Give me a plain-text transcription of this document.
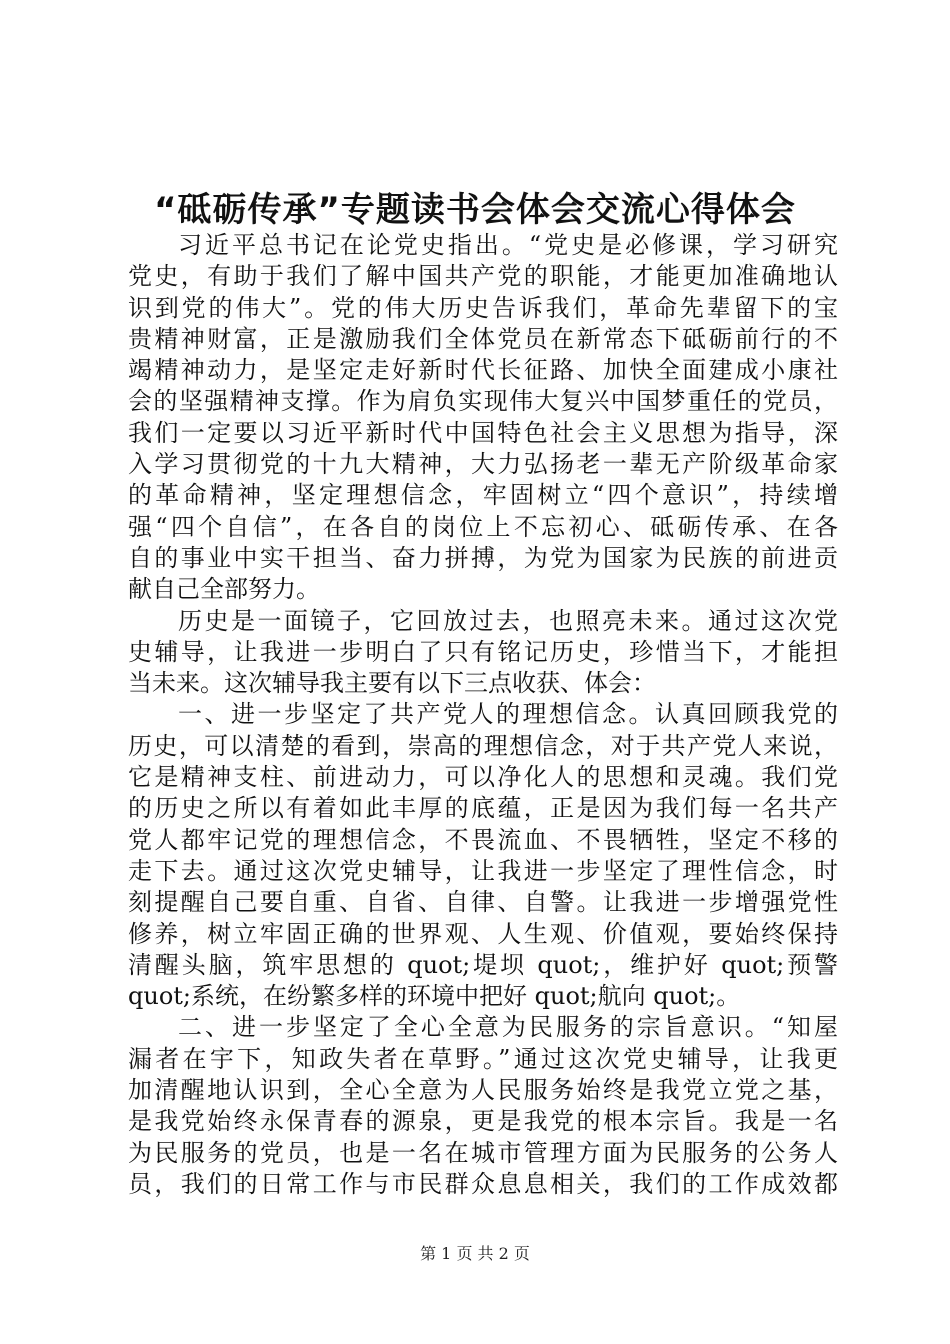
“砥砺传承”专题读书会体会交流心得体会

习近平总书记在论党史指出。“党史是必修课，学习研究
党史，有助于我们了解中国共产党的职能，才能更加准确地认
识到党的伟大”。党的伟大历史告诉我们，革命先辈留下的宝
贵精神财富，正是激励我们全体党员在新常态下砥砺前行的不
竭精神动力，是坚定走好新时代长征路、加快全面建成小康社
会的坚强精神支撑。作为肩负实现伟大复兴中国梦重任的党员，
我们一定要以习近平新时代中国特色社会主义思想为指导，深
入学习贯彻党的十九大精神，大力弘扬老一辈无产阶级革命家
的革命精神，坚定理想信念，牢固树立“四个意识”，持续增
强“四个自信”，在各自的岗位上不忘初心、砥砺传承、在各
自的事业中实干担当、奋力拼搏，为党为国家为民族的前进贡
献自己全部努力。

历史是一面镜子，它回放过去，也照亮未来。通过这次党
史辅导，让我进一步明白了只有铭记历史，珍惜当下，才能担
当未来。这次辅导我主要有以下三点收获、体会：

一、进一步坚定了共产党人的理想信念。认真回顾我党的
历史，可以清楚的看到，崇高的理想信念，对于共产党人来说，
它是精神支柱、前进动力，可以净化人的思想和灵魂。我们党
的历史之所以有着如此丰厚的底蕴，正是因为我们每一名共产
党人都牢记党的理想信念，不畏流血、不畏牺牲，坚定不移的
走下去。通过这次党史辅导，让我进一步坚定了理性信念，时
刻提醒自己要自重、自省、自律、自警。让我进一步增强党性
修养，树立牢固正确的世界观、人生观、价值观，要始终保持
清醒头脑，筑牢思想的 quot;堤坝 quot;，维护好 quot;预警
quot;系统，在纷繁多样的环境中把好 quot;航向 quot;。

二、进一步坚定了全心全意为民服务的宗旨意识。“知屋
漏者在宇下，知政失者在草野。”通过这次党史辅导，让我更
加清醒地认识到，全心全意为人民服务始终是我党立党之基，
是我党始终永保青春的源泉，更是我党的根本宗旨。我是一名
为民服务的党员，也是一名在城市管理方面为民服务的公务人
员，我们的日常工作与市民群众息息相关，我们的工作成效都

第 1 页 共 2 页
